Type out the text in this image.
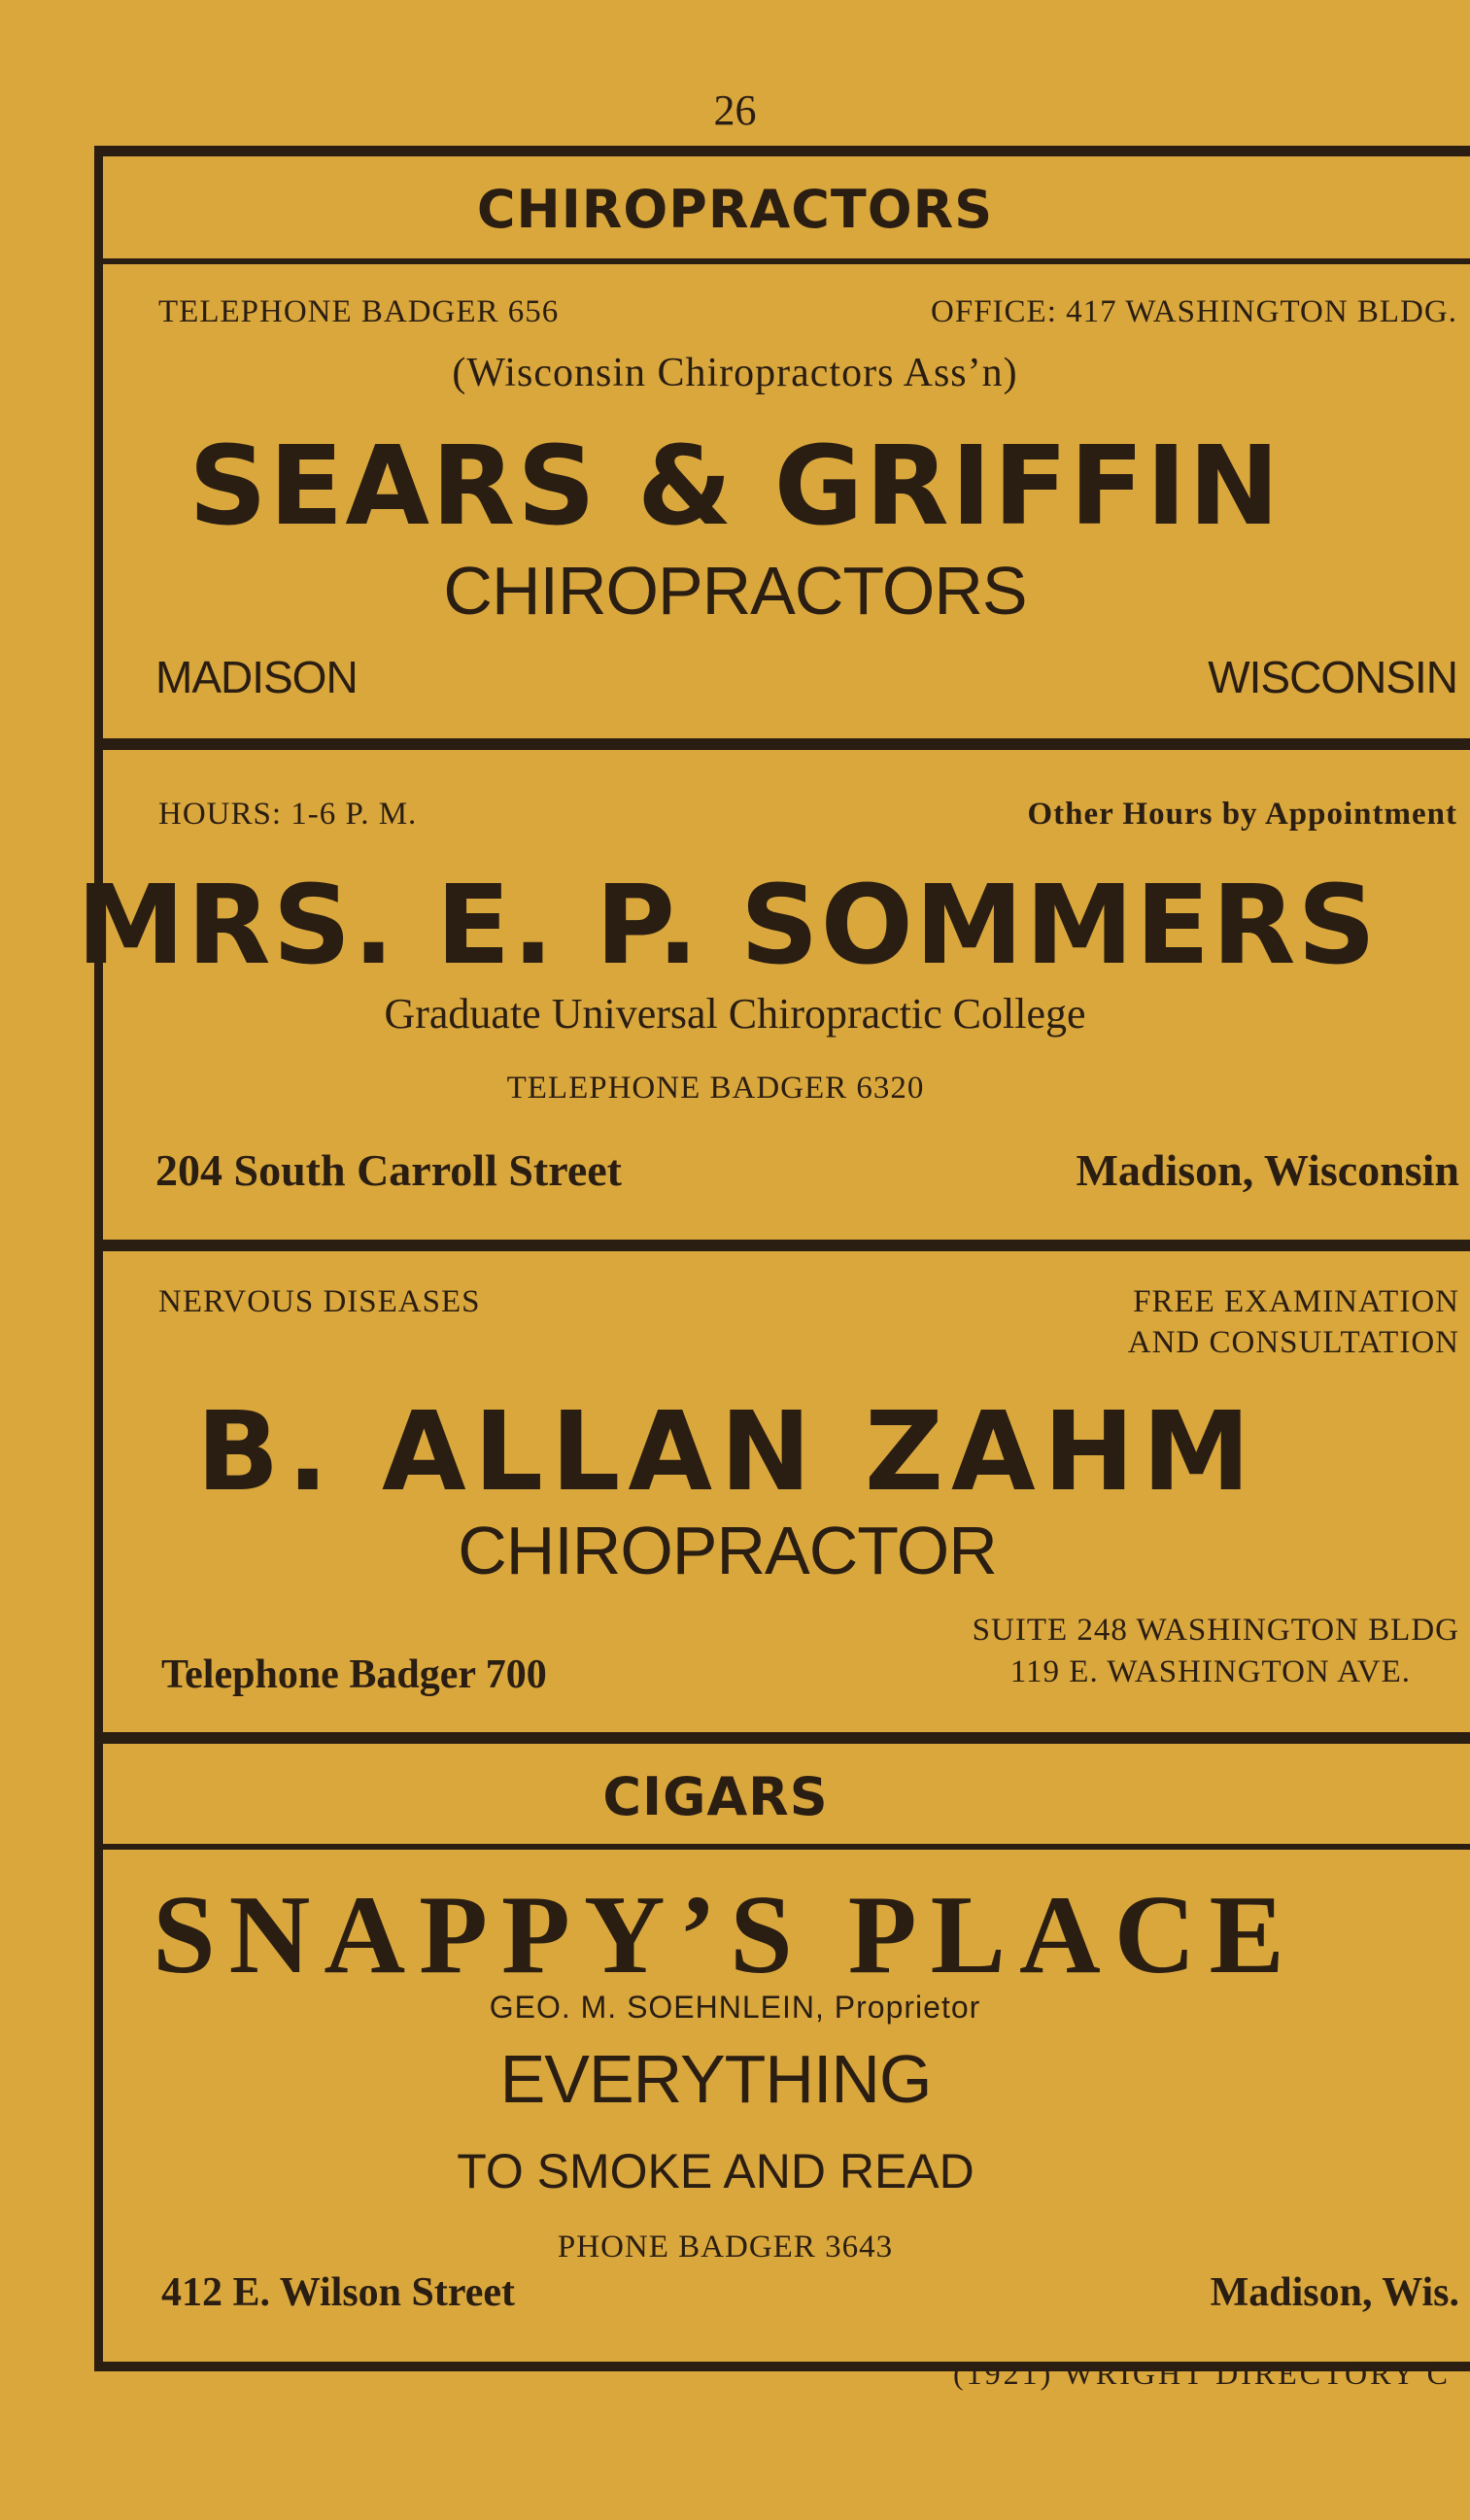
26
CHIROPRACTORS
TELEPHONE BADGER 656	OFFICE: 417 WASHINGTON BLDG.
(Wisconsin Chiropractors Ass’n)
SEARS & GRIFFIN
CHIROPRACTORS
MADISON	WISCONSIN
HOURS: 1-6 P. M.	Other Hours by Appointment
MRS. E. P. SOMMERS
Graduate Universal Chiropractic College
TELEPHONE BADGER 6320
204 South Carroll Street	Madison, Wisconsin
NERVOUS DISEASES	FREE EXAMINATION
AND CONSULTATION
B. ALLAN ZAHM
CHIROPRACTOR
SUITE 248 WASHINGTON BLDG
119 E. WASHINGTON AVE.
Telephone Badger 700
CIGARS
SNAPPY’S PLACE
GEO. M. SOEHNLEIN, Proprietor
EVERYTHING
TO SMOKE AND READ
PHONE BADGER 3643
412 E. Wilson Street	Madison, Wis.
(1921) WRIGHT DIRECTORY C
